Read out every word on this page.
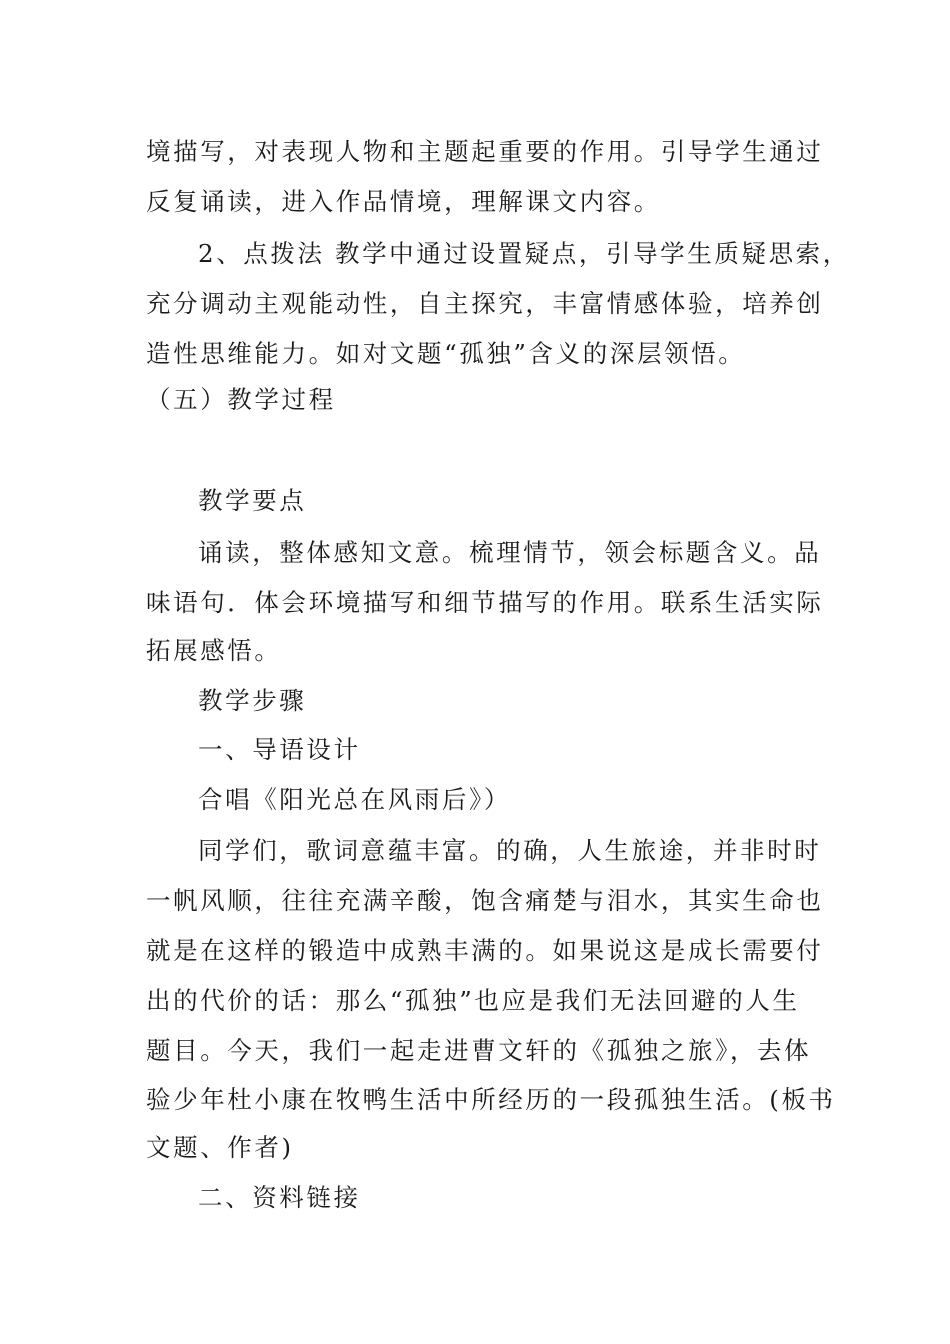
境描写，对表现人物和主题起重要的作用。引导学生通过
反复诵读，进入作品情境，理解课文内容。
2、点拨法 教学中通过设置疑点，引导学生质疑思索，
充分调动主观能动性，自主探究，丰富情感体验，培养创
造性思维能力。如对文题“孤独”含义的深层领悟。
（五）教学过程
教学要点
诵读，整体感知文意。梳理情节，领会标题含义。品
味语句．体会环境描写和细节描写的作用。联系生活实际
拓展感悟。
教学步骤
一、导语设计
合唱《阳光总在风雨后》）
同学们，歌词意蕴丰富。的确，人生旅途，并非时时
一帆风顺，往往充满辛酸，饱含痛楚与泪水，其实生命也
就是在这样的锻造中成熟丰满的。如果说这是成长需要付
出的代价的话：那么“孤独”也应是我们无法回避的人生
题目。今天，我们一起走进曹文轩的《孤独之旅》，去体
验少年杜小康在牧鸭生活中所经历的一段孤独生活。(板书
文题、作者)
二、资料链接
